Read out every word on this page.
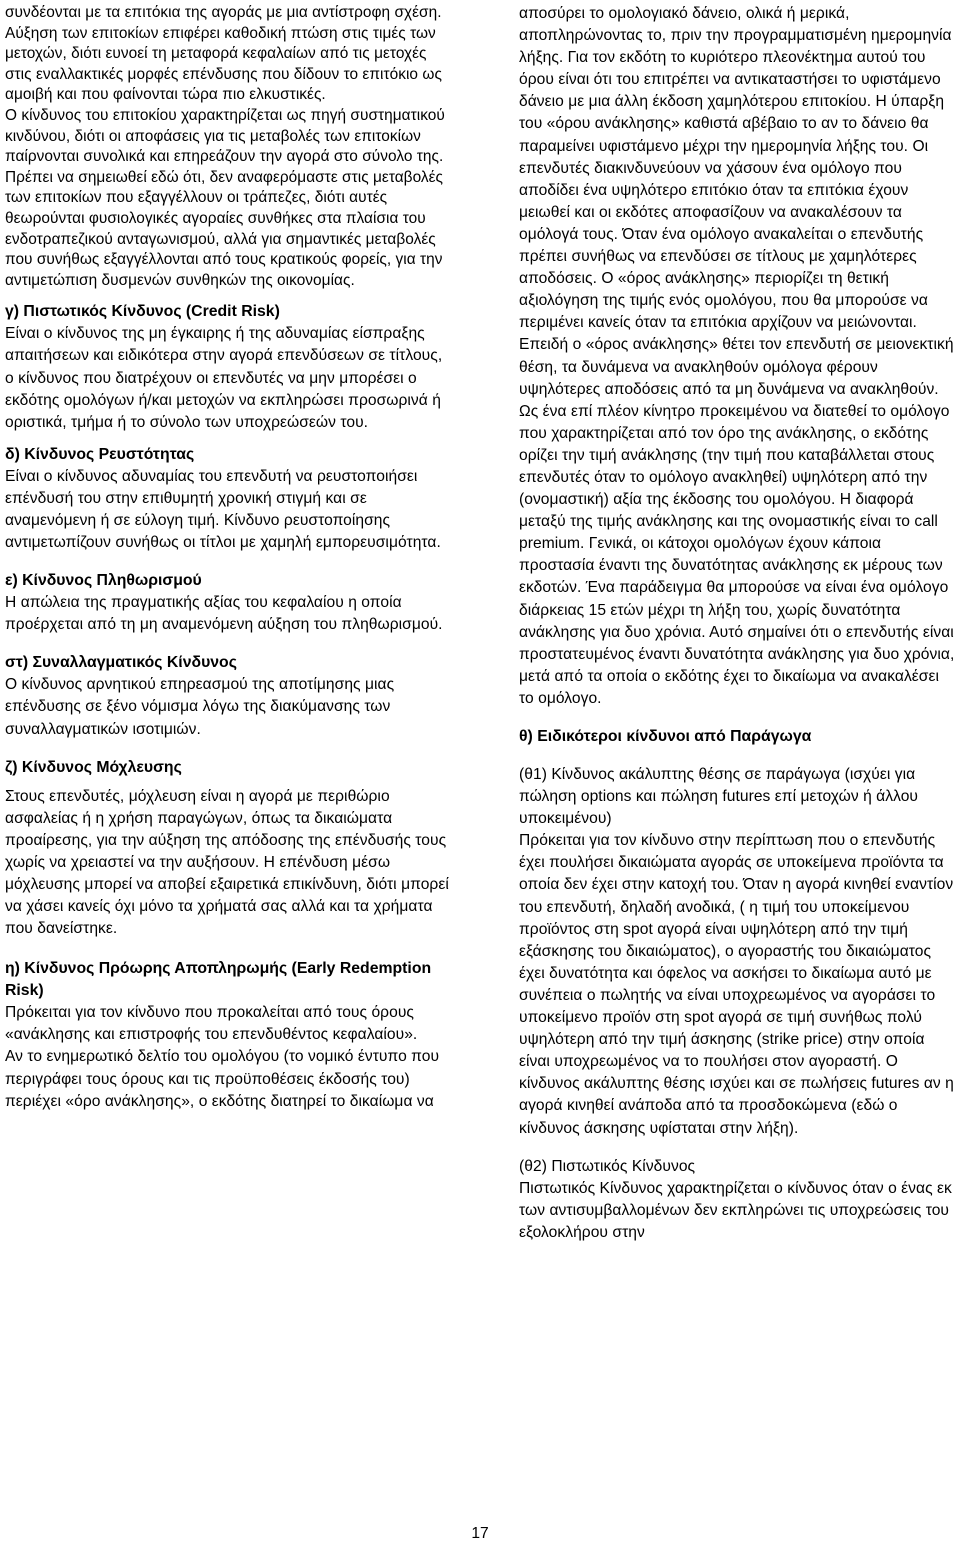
συνδέονται με τα επιτόκια της αγοράς με μια αντίστροφη σχέση. Αύξηση των επιτοκίων επιφέρει καθοδική πτώση στις τιμές των μετοχών, διότι ευνοεί τη μεταφορά κεφαλαίων από τις μετοχές στις εναλλακτικές μορφές επένδυσης που δίδουν το επιτόκιο ως αμοιβή και που φαίνονται τώρα πιο ελκυστικές.

Ο κίνδυνος του επιτοκίου χαρακτηρίζεται ως πηγή συστηματικού κινδύνου, διότι οι αποφάσεις για τις μεταβολές των επιτοκίων παίρνονται συνολικά και επηρεάζουν την αγορά στο σύνολο της. Πρέπει να σημειωθεί εδώ ότι, δεν αναφερόμαστε στις μεταβολές των επιτοκίων που εξαγγέλλουν οι τράπεζες, διότι αυτές θεωρούνται φυσιολογικές αγοραίες συνθήκες στα πλαίσια του ενδοτραπεζικού ανταγωνισμού, αλλά για σημαντικές μεταβολές που συνήθως εξαγγέλλονται από τους κρατικούς φορείς, για την αντιμετώπιση δυσμενών συνθηκών της οικονομίας.

γ) Πιστωτικός Κίνδυνος (Credit Risk)

Είναι ο κίνδυνος της μη έγκαιρης ή της αδυναμίας είσπραξης απαιτήσεων και ειδικότερα στην αγορά επενδύσεων σε τίτλους, ο κίνδυνος που διατρέχουν οι επενδυτές να μην μπορέσει ο εκδότης ομολόγων ή/και μετοχών να εκπληρώσει προσωρινά ή οριστικά, τμήμα ή το σύνολο των υποχρεώσεών του.

δ) Κίνδυνος Ρευστότητας

Είναι ο κίνδυνος αδυναμίας του επενδυτή να ρευστοποιήσει επένδυσή του στην επιθυμητή χρονική στιγμή και σε αναμενόμενη ή σε εύλογη τιμή. Κίνδυνο ρευστοποίησης αντιμετωπίζουν συνήθως οι τίτλοι με χαμηλή εμπορευσιμότητα.

ε) Κίνδυνος Πληθωρισμού

Η απώλεια της πραγματικής αξίας του κεφαλαίου η οποία προέρχεται από τη μη αναμενόμενη αύξηση του πληθωρισμού.

στ) Συναλλαγματικός Κίνδυνος

Ο κίνδυνος αρνητικού επηρεασμού της αποτίμησης μιας επένδυσης σε ξένο νόμισμα λόγω της διακύμανσης των συναλλαγματικών ισοτιμιών.

ζ) Κίνδυνος Μόχλευσης

Στους επενδυτές, μόχλευση είναι η αγορά με περιθώριο ασφαλείας ή η χρήση παραγώγων, όπως τα δικαιώματα προαίρεσης, για την αύξηση της απόδοσης της επένδυσής τους χωρίς να χρειαστεί να την αυξήσουν. Η επένδυση μέσω μόχλευσης μπορεί να αποβεί εξαιρετικά επικίνδυνη, διότι μπορεί να χάσει κανείς όχι μόνο τα χρήματά σας αλλά και τα χρήματα που δανείστηκε.

η) Κίνδυνος Πρόωρης Αποπληρωμής (Early Redemption Risk)

Πρόκειται για τον κίνδυνο που προκαλείται από τους όρους «ανάκλησης και επιστροφής του επενδυθέντος κεφαλαίου».

Αν το ενημερωτικό δελτίο του ομολόγου (το νομικό έντυπο που περιγράφει τους όρους και τις προϋποθέσεις έκδοσής του) περιέχει «όρο ανάκλησης», ο εκδότης διατηρεί το δικαίωμα να

αποσύρει το ομολογιακό δάνειο, ολικά ή μερικά, αποπληρώνοντας το, πριν την προγραμματισμένη ημερομηνία λήξης. Για τον εκδότη το κυριότερο πλεονέκτημα αυτού του όρου είναι ότι του επιτρέπει να αντικαταστήσει το υφιστάμενο δάνειο με μια άλλη έκδοση χαμηλότερου επιτοκίου. Η ύπαρξη του «όρου ανάκλησης» καθιστά αβέβαιο το αν το δάνειο θα παραμείνει υφιστάμενο μέχρι την ημερομηνία λήξης του. Οι επενδυτές διακινδυνεύουν να χάσουν ένα ομόλογο που αποδίδει ένα υψηλότερο επιτόκιο όταν τα επιτόκια έχουν μειωθεί και οι εκδότες αποφασίζουν να ανακαλέσουν τα ομόλογά τους. Όταν ένα ομόλογο ανακαλείται ο επενδυτής πρέπει συνήθως να επενδύσει σε τίτλους με χαμηλότερες αποδόσεις. Ο «όρος ανάκλησης» περιορίζει τη θετική αξιολόγηση της τιμής ενός ομολόγου, που θα μπορούσε να περιμένει κανείς όταν τα επιτόκια αρχίζουν να μειώνονται.

Επειδή ο «όρος ανάκλησης» θέτει τον επενδυτή σε μειονεκτική θέση, τα δυνάμενα να ανακληθούν ομόλογα φέρουν υψηλότερες αποδόσεις από τα μη δυνάμενα να ανακληθούν. Ως ένα επί πλέον κίνητρο προκειμένου να διατεθεί το ομόλογο που χαρακτηρίζεται από τον όρο της ανάκλησης, ο εκδότης ορίζει την τιμή ανάκλησης (την τιμή που καταβάλλεται στους επενδυτές όταν το ομόλογο ανακληθεί) υψηλότερη από την (ονομαστική) αξία της έκδοσης του ομολόγου. Η διαφορά μεταξύ της τιμής ανάκλησης και της ονομαστικής είναι το call premium. Γενικά, οι κάτοχοι ομολόγων έχουν κάποια προστασία έναντι της δυνατότητας ανάκλησης εκ μέρους των εκδοτών. Ένα παράδειγμα θα μπορούσε να είναι ένα ομόλογο διάρκειας 15 ετών μέχρι τη λήξη του, χωρίς δυνατότητα ανάκλησης για δυο χρόνια. Αυτό σημαίνει ότι ο επενδυτής είναι προστατευμένος έναντι δυνατότητα ανάκλησης για δυο χρόνια, μετά από τα οποία ο εκδότης έχει το δικαίωμα να ανακαλέσει το ομόλογο.

θ) Ειδικότεροι κίνδυνοι από Παράγωγα

(θ1) Κίνδυνος ακάλυπτης θέσης σε παράγωγα (ισχύει για πώληση options και πώληση futures επί μετοχών ή άλλου υποκειμένου)

Πρόκειται για τον κίνδυνο στην περίπτωση που ο επενδυτής έχει πουλήσει δικαιώματα αγοράς σε υποκείμενα προϊόντα τα οποία δεν έχει στην κατοχή του. Όταν η αγορά κινηθεί εναντίον του επενδυτή, δηλαδή ανοδικά, ( η τιμή του υποκείμενου προϊόντος στη spot αγορά είναι υψηλότερη από την τιμή εξάσκησης του δικαιώματος), ο αγοραστής του δικαιώματος έχει δυνατότητα και όφελος να ασκήσει το δικαίωμα αυτό με συνέπεια ο πωλητής να είναι υποχρεωμένος να αγοράσει το υποκείμενο προϊόν στη spot αγορά σε τιμή συνήθως πολύ υψηλότερη από την τιμή άσκησης (strike price) στην οποία είναι υποχρεωμένος να το πουλήσει στον αγοραστή. Ο κίνδυνος ακάλυπτης θέσης ισχύει και σε πωλήσεις futures αν η αγορά κινηθεί ανάποδα από τα προσδοκώμενα (εδώ ο κίνδυνος άσκησης υφίσταται στην λήξη).

(θ2) Πιστωτικός Κίνδυνος

Πιστωτικός Κίνδυνος χαρακτηρίζεται ο κίνδυνος όταν ο ένας εκ των αντισυμβαλλομένων δεν εκπληρώνει τις υποχρεώσεις του εξολοκλήρου στην

17
